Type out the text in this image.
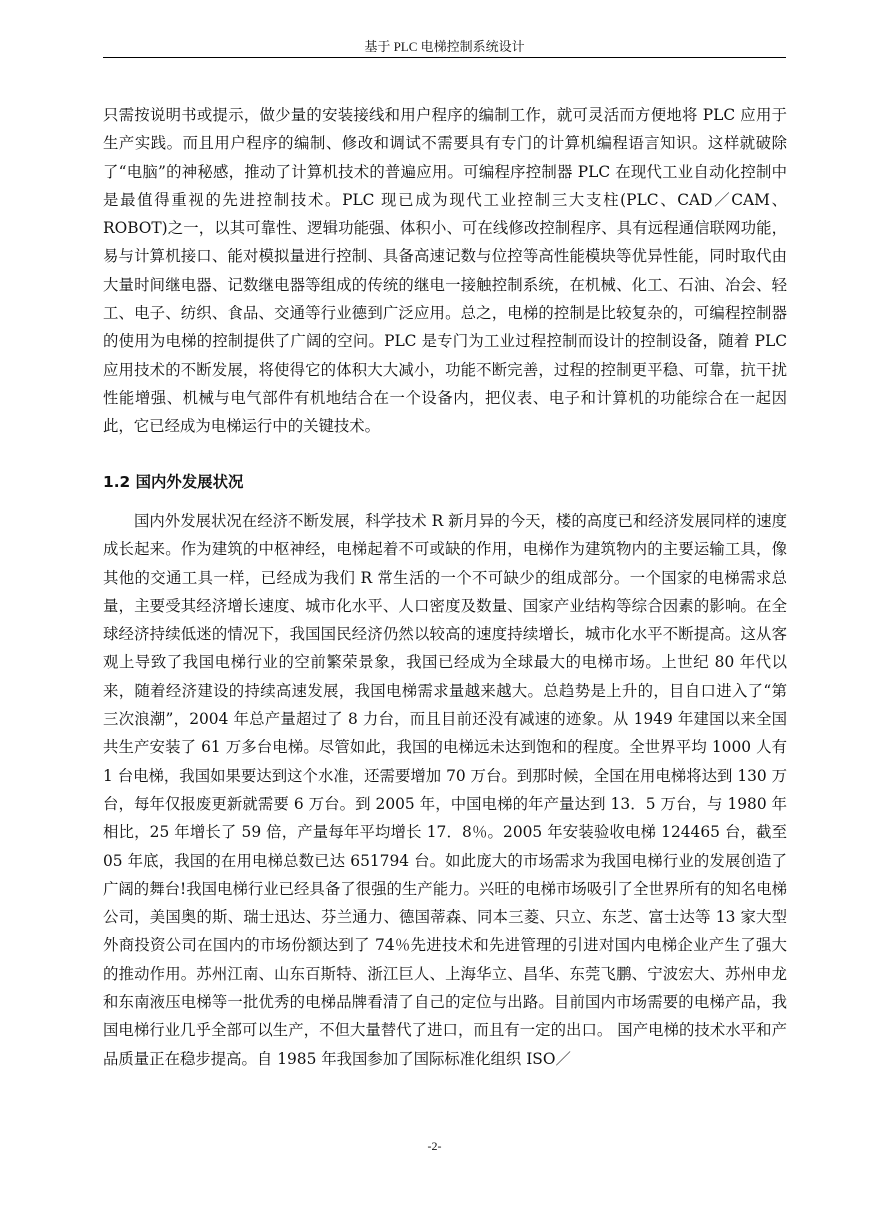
基于 PLC 电梯控制系统设计

只需按说明书或提示，做少量的安装接线和用户程序的编制工作，就可灵活而方便地将 PLC 应用于生产实践。而且用户程序的编制、修改和调试不需要具有专门的计算机编程语言知识。这样就破除了“电脑”的神秘感，推动了计算机技术的普遍应用。可编程序控制器 PLC 在现代工业自动化控制中是最值得重视的先进控制技术。PLC 现已成为现代工业控制三大支柱(PLC、CAD／CAM、ROBOT)之一，以其可靠性、逻辑功能强、体积小、可在线修改控制程序、具有远程通信联网功能，易与计算机接口、能对模拟量进行控制、具备高速记数与位控等高性能模块等优异性能，同时取代由大量时间继电器、记数继电器等组成的传统的继电一接触控制系统，在机械、化工、石油、冶会、轻工、电子、纺织、食品、交通等行业德到广泛应用。总之，电梯的控制是比较复杂的，可编程控制器的使用为电梯的控制提供了广阔的空问。PLC 是专门为工业过程控制而设计的控制设备，随着 PLC 应用技术的不断发展，将使得它的体积大大减小，功能不断完善，过程的控制更平稳、可靠，抗干扰性能增强、机械与电气部件有机地结合在一个设备内，把仪表、电子和计算机的功能综合在一起因此，它已经成为电梯运行中的关键技术。

1.2 国内外发展状况

国内外发展状况在经济不断发展，科学技术 R 新月异的今天，楼的高度已和经济发展同样的速度成长起来。作为建筑的中枢神经，电梯起着不可或缺的作用，电梯作为建筑物内的主要运输工具，像其他的交通工具一样，已经成为我们 R 常生活的一个不可缺少的组成部分。一个国家的电梯需求总量，主要受其经济增长速度、城市化水平、人口密度及数量、国家产业结构等综合因素的影响。在全球经济持续低迷的情况下，我国国民经济仍然以较高的速度持续增长，城市化水平不断提高。这从客观上导致了我国电梯行业的空前繁荣景象，我国已经成为全球最大的电梯市场。上世纪 80 年代以来，随着经济建设的持续高速发展，我国电梯需求量越来越大。总趋势是上升的，目自口进入了“第三次浪潮”，2004 年总产量超过了 8 力台，而且目前还没有减速的迹象。从 1949 年建国以来全国共生产安装了 61 万多台电梯。尽管如此，我国的电梯远未达到饱和的程度。全世界平均 1000 人有 1 台电梯，我国如果要达到这个水准，还需要增加 70 万台。到那时候，全国在用电梯将达到 130 万台，每年仅报废更新就需要 6 万台。到 2005 年，中国电梯的年产量达到 13．5 万台，与 1980 年相比，25 年增长了 59 倍，产量每年平均增长 17．8％。2005 年安装验收电梯 124465 台，截至 05 年底，我国的在用电梯总数已达 651794 台。如此庞大的市场需求为我国电梯行业的发展创造了广阔的舞台!我国电梯行业已经具备了很强的生产能力。兴旺的电梯市场吸引了全世界所有的知名电梯公司，美国奥的斯、瑞士迅达、芬兰通力、德国蒂森、同本三菱、只立、东芝、富士达等 13 家大型外商投资公司在国内的市场份额达到了 74％先进技术和先进管理的引进对国内电梯企业产生了强大的推动作用。苏州江南、山东百斯特、浙江巨人、上海华立、昌华、东莞飞鹏、宁波宏大、苏州申龙和东南液压电梯等一批优秀的电梯品牌看清了自己的定位与出路。目前国内市场需要的电梯产品，我国电梯行业几乎全部可以生产，不但大量替代了进口，而且有一定的出口。 国产电梯的技术水平和产品质量正在稳步提高。自 1985 年我国参加了国际标准化组织 ISO／

-2-
